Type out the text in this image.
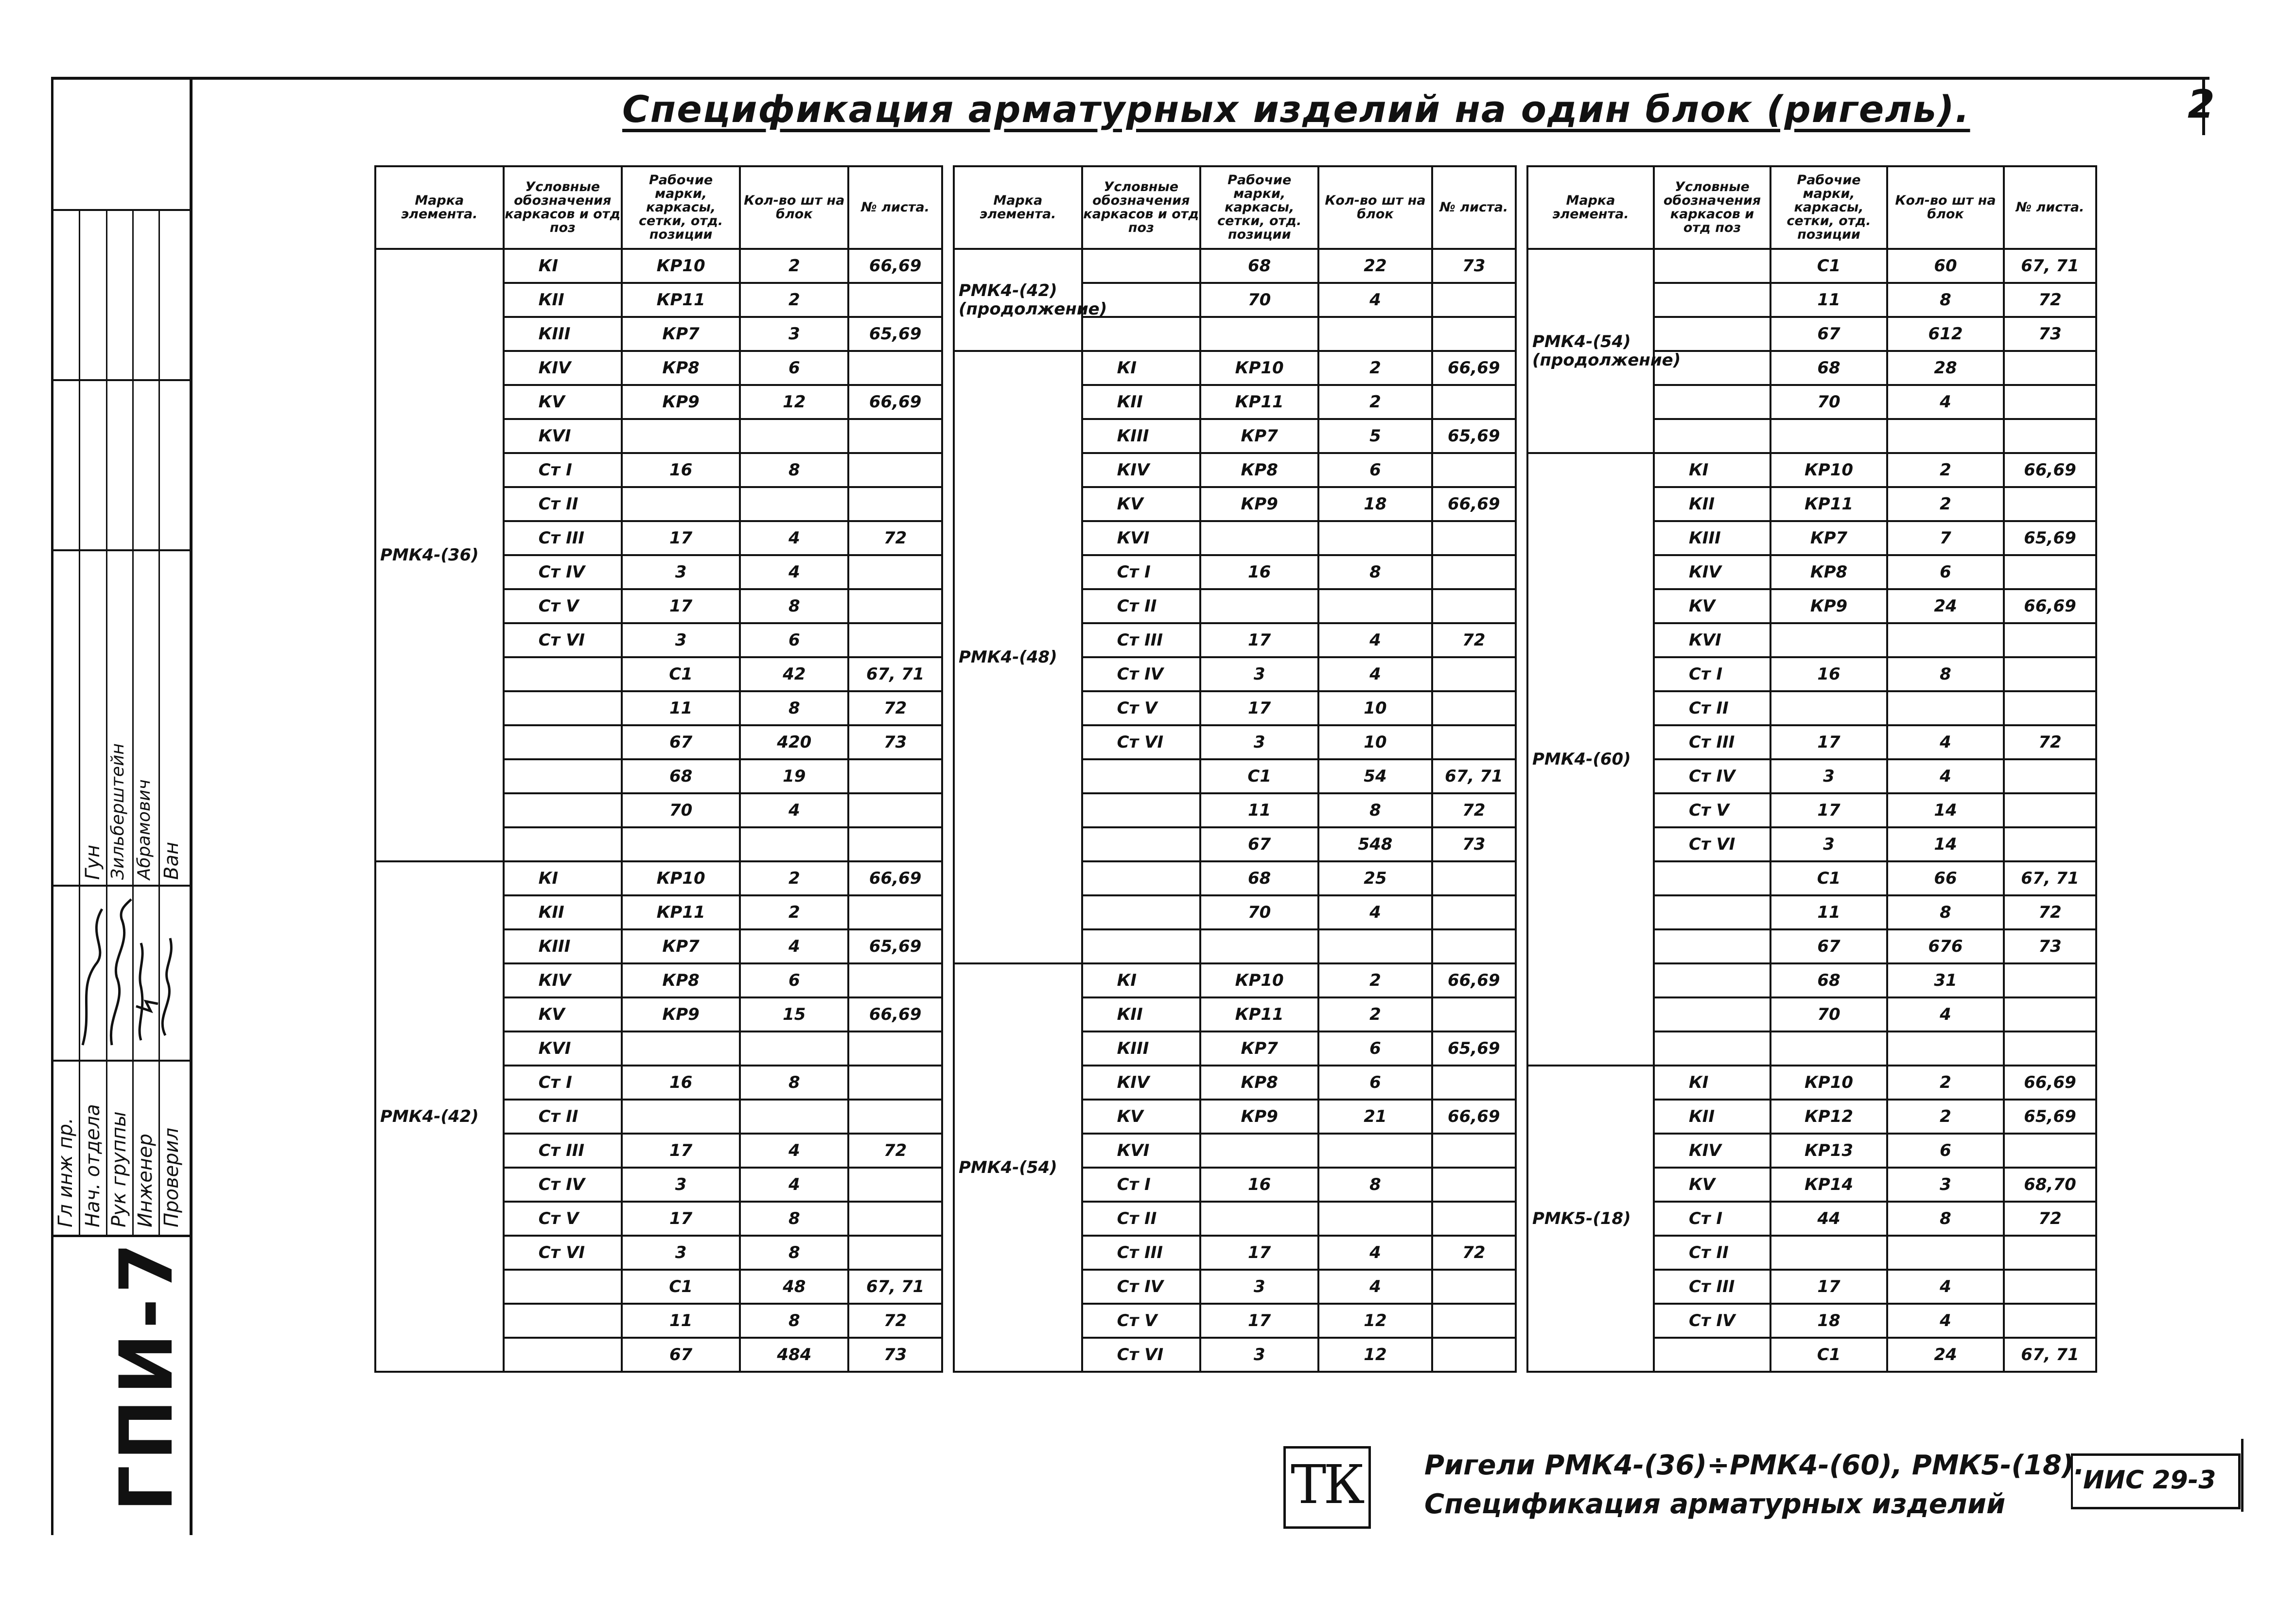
Гл инж пр. Нач. отдела Рук группы Инженер Проверил
Гун Зильберштейн Абрамович Ван
ГПИ-7
Спецификация арматурных изделий на один блок (ригель).	2
Марка элемента.	Условные обозначения каркасов и отд поз	Рабочие марки, каркасы, сетки, отд. позиции	Кол-во шт на блок	№ листа.
РМК4-(36)	КI	КР10	2	66,69
	КII	КР11	2	
	КIII	КР7	3	65,69
	КIV	КР8	6	
	КV	КР9	12	66,69
	КVI			
	Ст I	16	8	
	Ст II			
	Ст III	17	4	72
	Ст IV	3	4	
	Ст V	17	8	
	Ст VI	3	6	
		С1	42	67, 71
		11	8	72
		67	420	73
		68	19	
		70	4	

РМК4-(42)	КI	КР10	2	66,69
	КII	КР11	2	
	КIII	КР7	4	65,69
	КIV	КР8	6	
	КV	КР9	15	66,69
	КVI			
	Ст I	16	8	
	Ст II			
	Ст III	17	4	72
	Ст IV	3	4	
	Ст V	17	8	
	Ст VI	3	8	
		С1	48	67, 71
		11	8	72
		67	484	73
Марка элемента.	Условные обозначения каркасов и отд поз	Рабочие марки, каркасы, сетки, отд. позиции	Кол-во шт на блок	№ листа.
РМК4-(42) (продолжение)		68	22	73
		70	4	

РМК4-(48)	КI	КР10	2	66,69
	КII	КР11	2	
	КIII	КР7	5	65,69
	КIV	КР8	6	
	КV	КР9	18	66,69
	КVI			
	Ст I	16	8	
	Ст II			
	Ст III	17	4	72
	Ст IV	3	4	
	Ст V	17	10	
	Ст VI	3	10	
		С1	54	67, 71
		11	8	72
		67	548	73
		68	25	
		70	4	

РМК4-(54)	КI	КР10	2	66,69
	КII	КР11	2	
	КIII	КР7	6	65,69
	КIV	КР8	6	
	КV	КР9	21	66,69
	КVI			
	Ст I	16	8	
	Ст II			
	Ст III	17	4	72
	Ст IV	3	4	
	Ст V	17	12	
	Ст VI	3	12	
Марка элемента.	Условные обозначения каркасов и отд поз	Рабочие марки, каркасы, сетки, отд. позиции	Кол-во шт на блок	№ листа.
РМК4-(54) (продолжение)		С1	60	67, 71
		11	8	72
		67	612	73
		68	28	
		70	4	

РМК4-(60)	КI	КР10	2	66,69
	КII	КР11	2	
	КIII	КР7	7	65,69
	КIV	КР8	6	
	КV	КР9	24	66,69
	КVI			
	Ст I	16	8	
	Ст II			
	Ст III	17	4	72
	Ст IV	3	4	
	Ст V	17	14	
	Ст VI	3	14	
		С1	66	67, 71
		11	8	72
		67	676	73
		68	31	
		70	4	

РМК5-(18)	КI	КР10	2	66,69
	КII	КР12	2	65,69
	КIV	КР13	6	
	КV	КР14	3	68,70
	Ст I	44	8	72
	Ст II			
	Ст III	17	4	
	Ст IV	18	4	
		С1	24	67, 71
ТК Ригели РМК4-(36)÷РМК4-(60), РМК5-(18).
Спецификация арматурных изделий
ИИС 29-3
